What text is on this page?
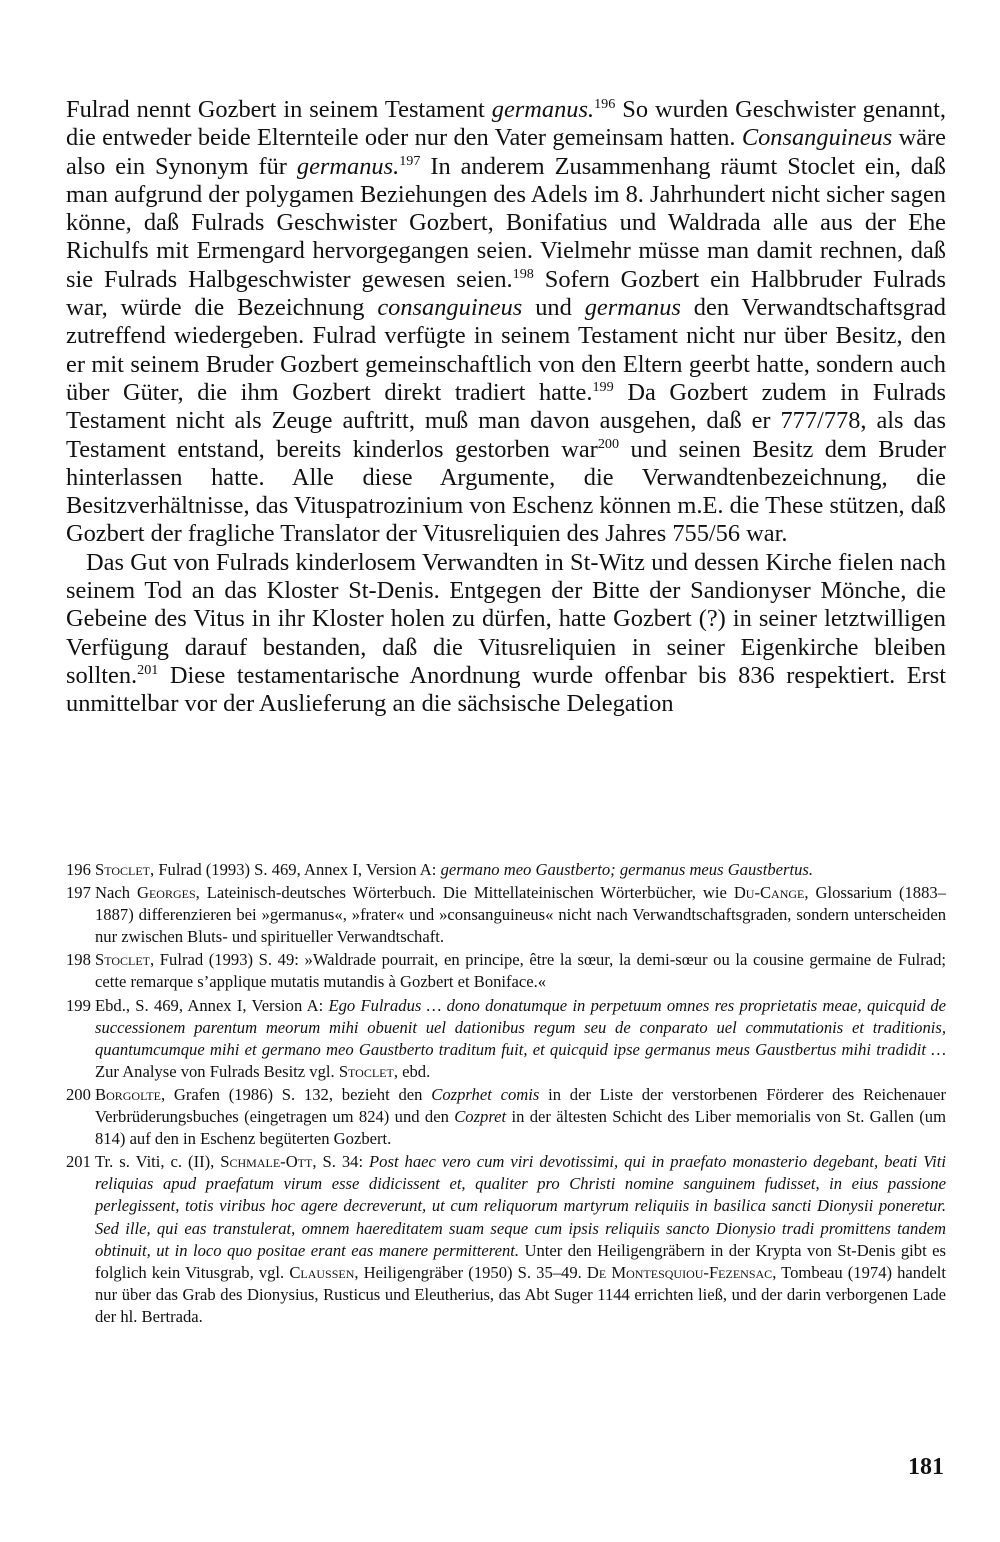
Fulrad nennt Gozbert in seinem Testament germanus.$^{196}$ So wurden Geschwister genannt, die entweder beide Elternteile oder nur den Vater gemeinsam hatten. Consanguineus wäre also ein Synonym für germanus.$^{197}$ In anderem Zusammenhang räumt Stoclet ein, daß man aufgrund der polygamen Beziehungen des Adels im 8. Jahrhundert nicht sicher sagen könne, daß Fulrads Geschwister Gozbert, Bonifatius und Waldrada alle aus der Ehe Richulfs mit Ermengard hervorgegangen seien. Vielmehr müsse man damit rechnen, daß sie Fulrads Halbgeschwister gewesen seien.$^{198}$ Sofern Gozbert ein Halbbruder Fulrads war, würde die Bezeichnung consanguineus und germanus den Verwandtschaftsgrad zutreffend wiedergeben. Fulrad verfügte in seinem Testament nicht nur über Besitz, den er mit seinem Bruder Gozbert gemeinschaftlich von den Eltern geerbt hatte, sondern auch über Güter, die ihm Gozbert direkt tradiert hatte.$^{199}$ Da Gozbert zudem in Fulrads Testament nicht als Zeuge auftritt, muß man davon ausgehen, daß er 777/778, als das Testament entstand, bereits kinderlos gestorben war$^{200}$ und seinen Besitz dem Bruder hinterlassen hatte. Alle diese Argumente, die Verwandtenbezeichnung, die Besitzverhältnisse, das Vituspatrozinium von Eschenz können m.E. die These stützen, daß Gozbert der fragliche Translator der Vitusreliquien des Jahres 755/56 war.

Das Gut von Fulrads kinderlosem Verwandten in St-Witz und dessen Kirche fielen nach seinem Tod an das Kloster St-Denis. Entgegen der Bitte der Sandionyser Mönche, die Gebeine des Vitus in ihr Kloster holen zu dürfen, hatte Gozbert (?) in seiner letztwilligen Verfügung darauf bestanden, daß die Vitusreliquien in seiner Eigenkirche bleiben sollten.$^{201}$ Diese testamentarische Anordnung wurde offenbar bis 836 respektiert. Erst unmittelbar vor der Auslieferung an die sächsische Delegation

196 Stoclet, Fulrad (1993) S. 469, Annex I, Version A: germano meo Gaustberto; germanus meus Gaustbertus.
197 Nach Georges, Lateinisch-deutsches Wörterbuch. Die Mittellateinischen Wörterbücher, wie Du-Cange, Glossarium (1883–1887) differenzieren bei »germanus«, »frater« und »consanguineus« nicht nach Verwandtschaftsgraden, sondern unterscheiden nur zwischen Bluts- und spiritueller Verwandtschaft.
198 Stoclet, Fulrad (1993) S. 49: »Waldrade pourrait, en principe, être la sœur, la demi-sœur ou la cousine germaine de Fulrad; cette remarque s’applique mutatis mutandis à Gozbert et Boniface.«
199 Ebd., S. 469, Annex I, Version A: Ego Fulradus … dono donatumque in perpetuum omnes res proprietatis meae, quicquid de successionem parentum meorum mihi obuenit uel dationibus regum seu de conparato uel commutationis et traditionis, quantumcumque mihi et germano meo Gaustberto traditum fuit, et quicquid ipse germanus meus Gaustbertus mihi tradidit … Zur Analyse von Fulrads Besitz vgl. Stoclet, ebd.
200 Borgolte, Grafen (1986) S. 132, bezieht den Cozprhet comis in der Liste der verstorbenen Förderer des Reichenauer Verbrüderungsbuches (eingetragen um 824) und den Cozpret in der ältesten Schicht des Liber memorialis von St. Gallen (um 814) auf den in Eschenz begüterten Gozbert.
201 Tr. s. Viti, c. (II), Schmale-Ott, S. 34: Post haec vero cum viri devotissimi, qui in praefato monasterio degebant, beati Viti reliquias apud praefatum virum esse didicissent et, qualiter pro Christi nomine sanguinem fudisset, in eius passione perlegissent, totis viribus hoc agere decreverunt, ut cum reliquorum martyrum reliquiis in basilica sancti Dionysii poneretur. Sed ille, qui eas transtulerat, omnem haereditatem suam seque cum ipsis reliquiis sancto Dionysio tradi promittens tandem obtinuit, ut in loco quo positae erant eas manere permitterent. Unter den Heiligengräbern in der Krypta von St-Denis gibt es folglich kein Vitusgrab, vgl. Claussen, Heiligengräber (1950) S. 35–49. De Montesquiou-Fezensac, Tombeau (1974) handelt nur über das Grab des Dionysius, Rusticus und Eleutherius, das Abt Suger 1144 errichten ließ, und der darin verborgenen Lade der hl. Bertrada.
181
